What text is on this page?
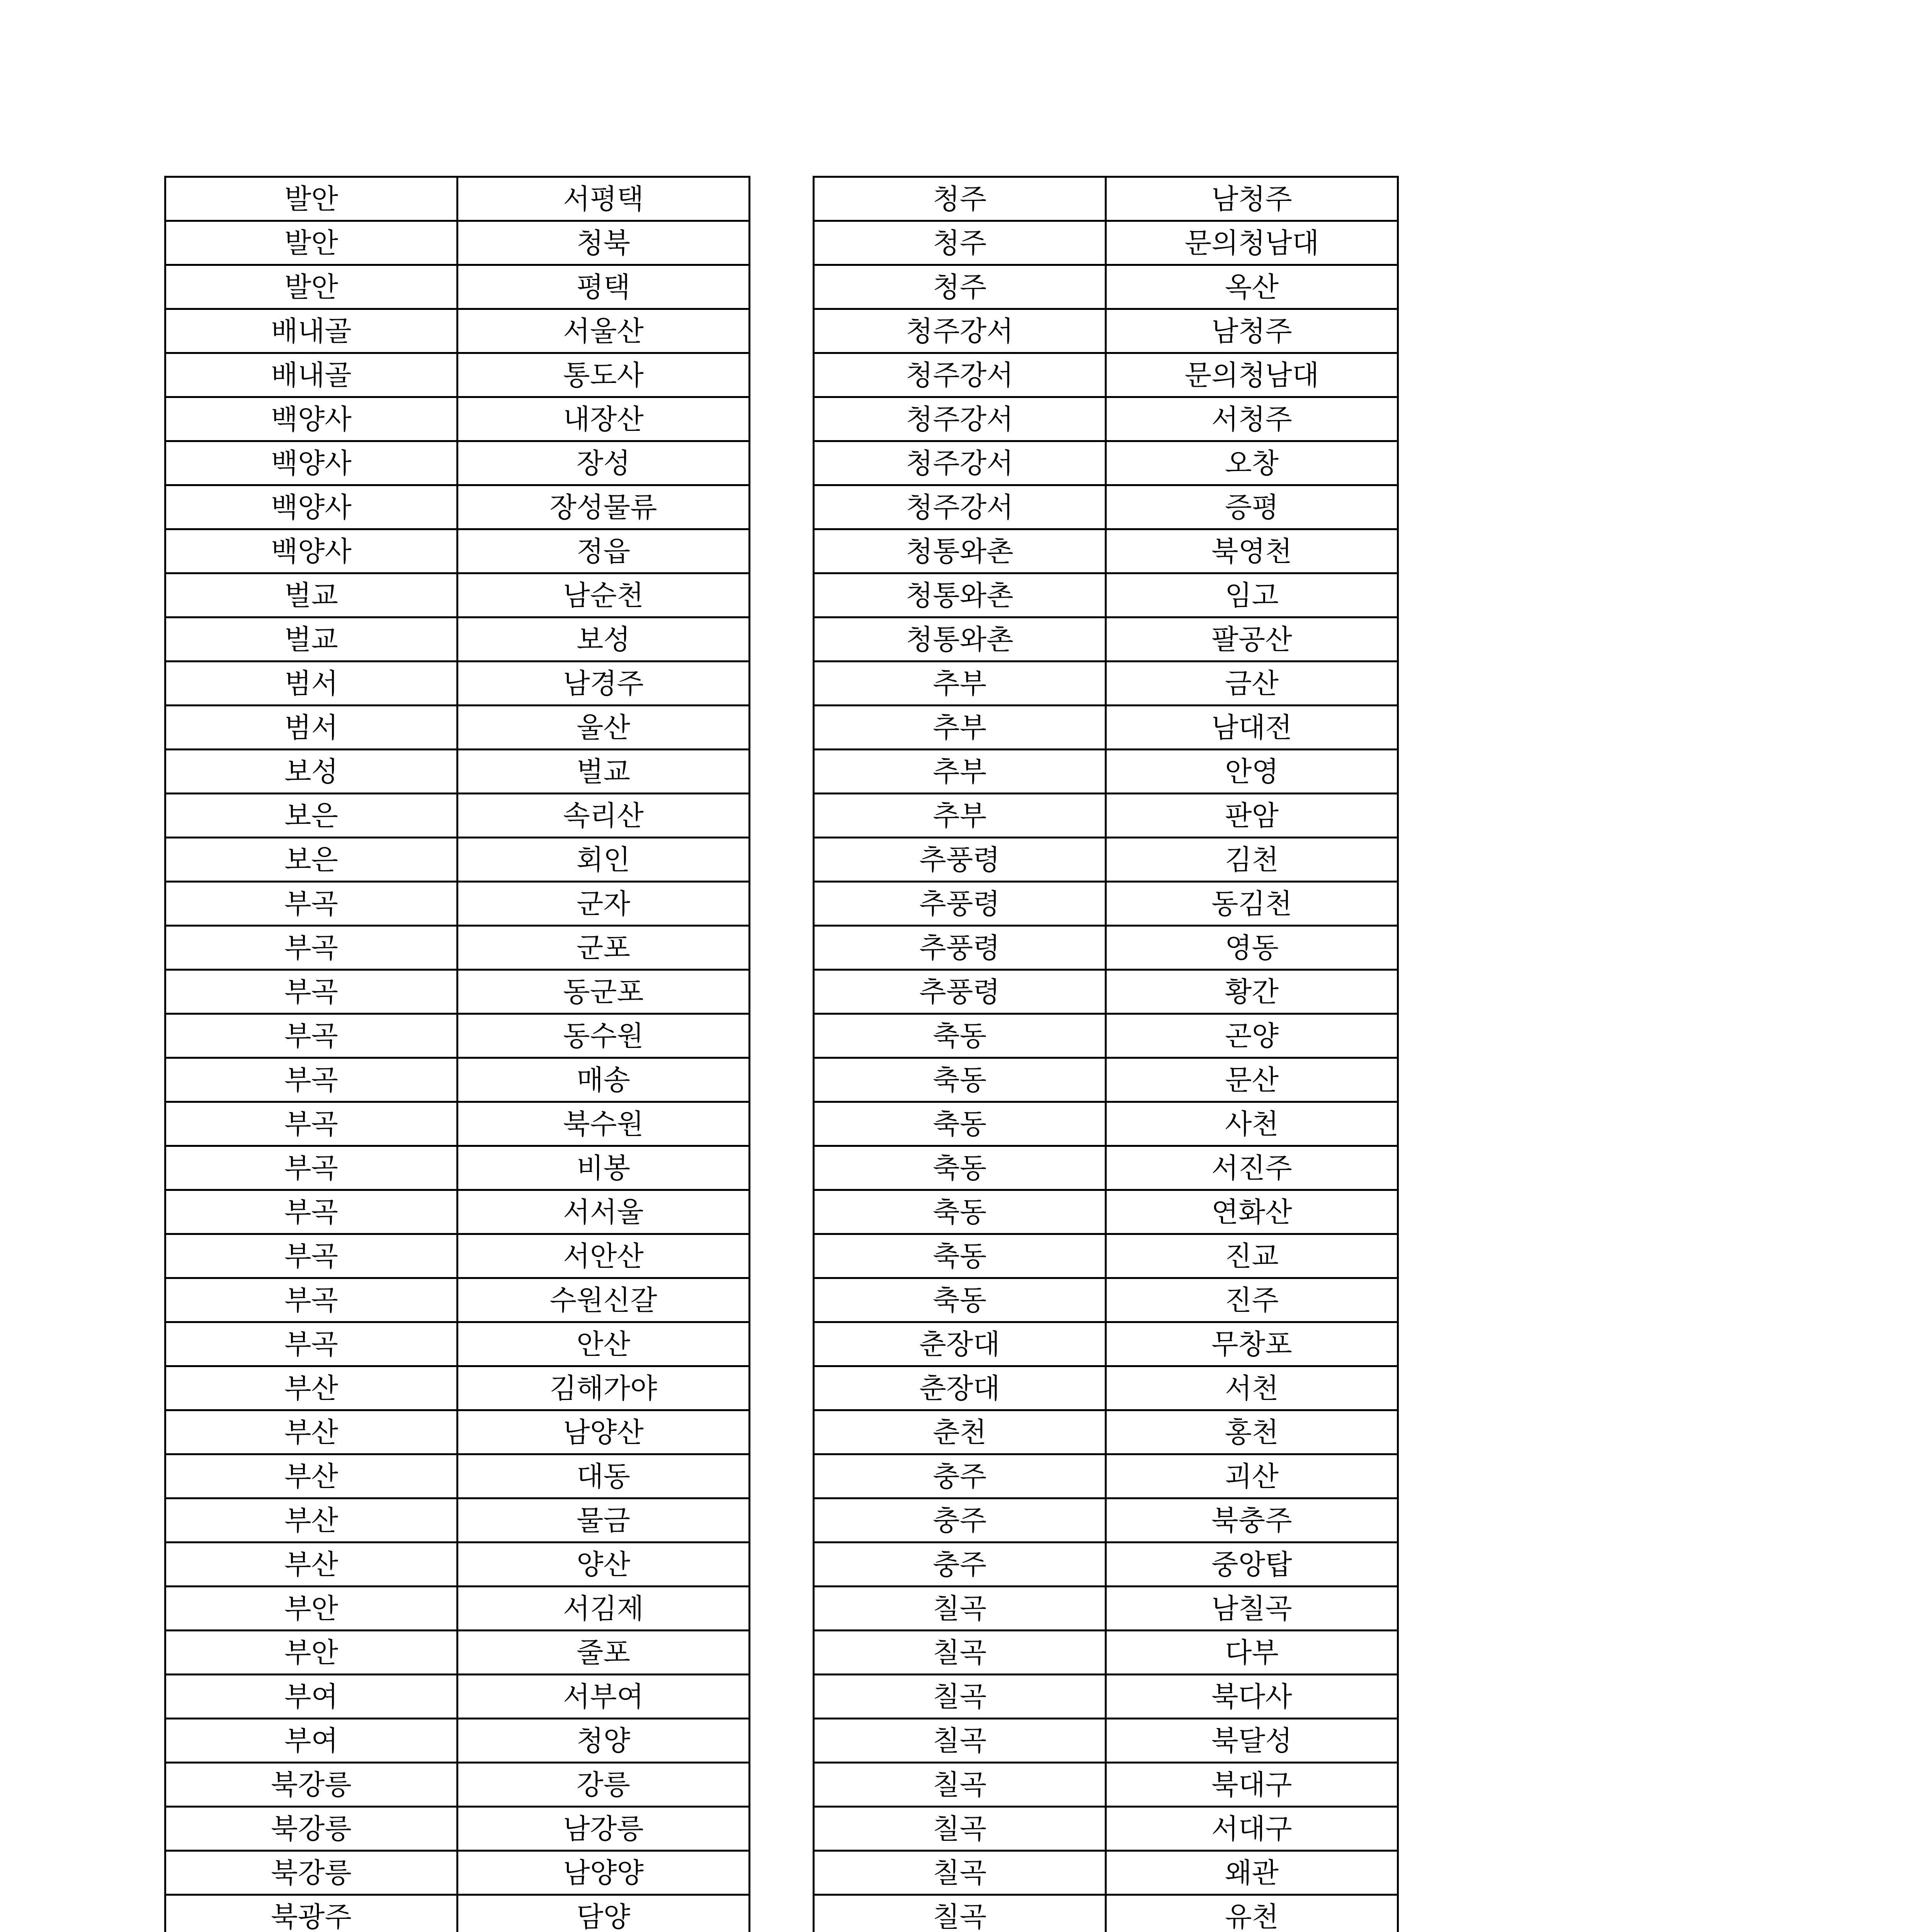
발안	서평택
발안	청북
발안	평택
배내골	서울산
배내골	통도사
백양사	내장산
백양사	장성
백양사	장성물류
백양사	정읍
벌교	남순천
벌교	보성
범서	남경주
범서	울산
보성	벌교
보은	속리산
보은	회인
부곡	군자
부곡	군포
부곡	동군포
부곡	동수원
부곡	매송
부곡	북수원
부곡	비봉
부곡	서서울
부곡	서안산
부곡	수원신갈
부곡	안산
부산	김해가야
부산	남양산
부산	대동
부산	물금
부산	양산
부안	서김제
부안	줄포
부여	서부여
부여	청양
북강릉	강릉
북강릉	남강릉
북강릉	남양양
북광주	담양

청주	남청주
청주	문의청남대
청주	옥산
청주강서	남청주
청주강서	문의청남대
청주강서	서청주
청주강서	오창
청주강서	증평
청통와촌	북영천
청통와촌	임고
청통와촌	팔공산
추부	금산
추부	남대전
추부	안영
추부	판암
추풍령	김천
추풍령	동김천
추풍령	영동
추풍령	황간
축동	곤양
축동	문산
축동	사천
축동	서진주
축동	연화산
축동	진교
축동	진주
춘장대	무창포
춘장대	서천
춘천	홍천
충주	괴산
충주	북충주
충주	중앙탑
칠곡	남칠곡
칠곡	다부
칠곡	북다사
칠곡	북달성
칠곡	북대구
칠곡	서대구
칠곡	왜관
칠곡	유천
